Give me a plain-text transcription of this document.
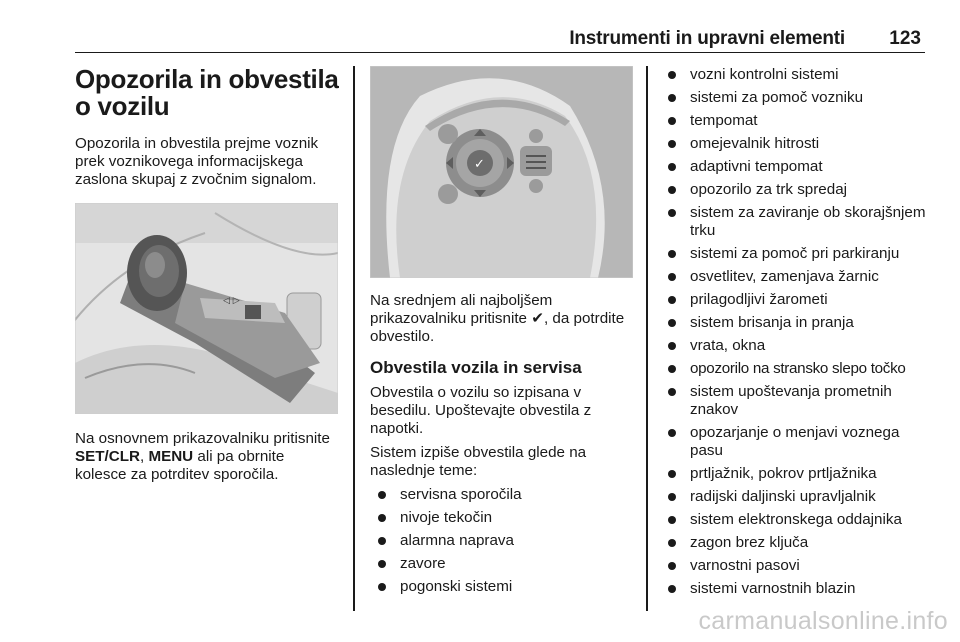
Instrumenti in upravni elementi 123
Opozorila in obvestila o vozilu

Opozorila in obvestila prejme voznik prek voznikovega informacijskega zaslona skupaj z zvočnim signalom.

◁ ▷

Na osnovnem prikazovalniku pritisnite SET/CLR, MENU ali pa obrnite kolesce za potrditev sporočila.

✓

Na srednjem ali najboljšem prikazovalniku pritisnite ✔, da potrdite obvestilo.

Obvestila vozila in servisa

Obvestila o vozilu so izpisana v besedilu. Upoštevajte obvestila z napotki.

Sistem izpiše obvestila glede na naslednje teme:

servisna sporočila
nivoje tekočin
alarmna naprava
zavore
pogonski sistemi
vozni kontrolni sistemi
sistemi za pomoč vozniku
tempomat
omejevalnik hitrosti
adaptivni tempomat
opozorilo za trk spredaj
sistem za zaviranje ob skorajšnjem trku
sistemi za pomoč pri parkiranju
osvetlitev, zamenjava žarnic
prilagodljivi žarometi
sistem brisanja in pranja
vrata, okna
opozorilo na stransko slepo točko
sistem upoštevanja prometnih znakov
opozarjanje o menjavi voznega pasu
prtljažnik, pokrov prtljažnika
radijski daljinski upravljalnik
sistem elektronskega oddajnika
zagon brez ključa
varnostni pasovi
sistemi varnostnih blazin
carmanualsonline.info
